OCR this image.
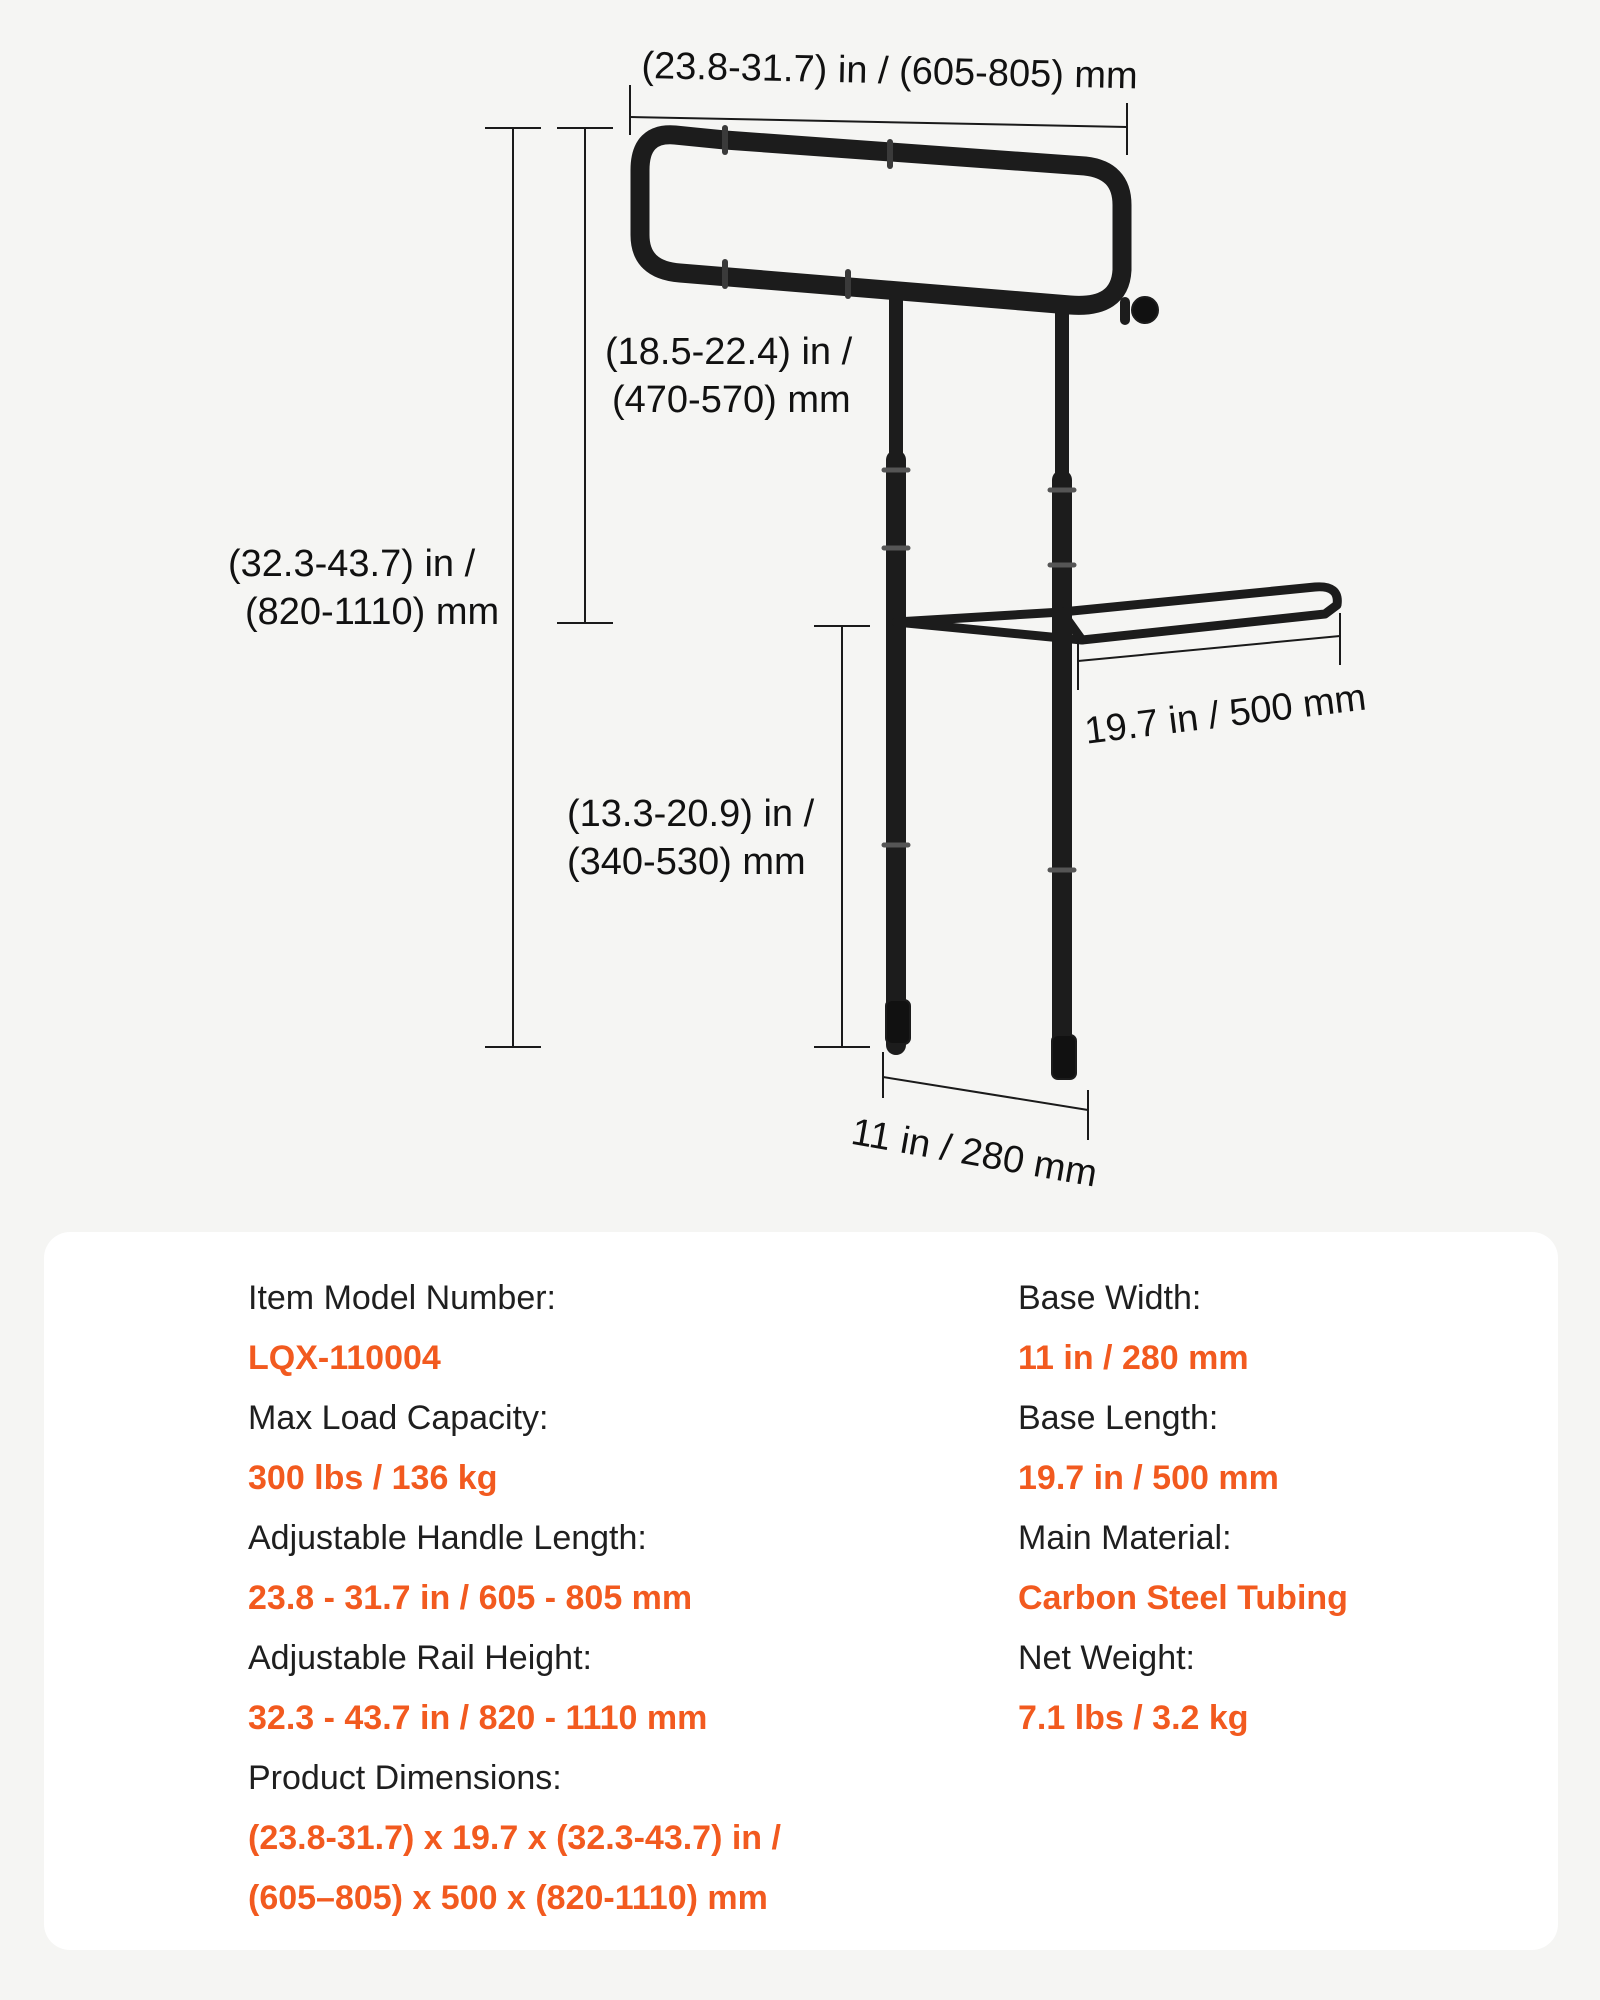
(23.8-31.7) in / (605-805) mm
(18.5-22.4) in /
(470-570) mm
(32.3-43.7) in /
(820-1110) mm
(13.3-20.9) in /
(340-530) mm
19.7 in / 500 mm
11 in / 280 mm
Item Model Number:
LQX-110004
Max Load Capacity:
300 lbs / 136 kg
Adjustable Handle Length:
23.8 - 31.7 in / 605 - 805 mm
Adjustable Rail Height:
32.3 - 43.7 in / 820 - 1110 mm
Product Dimensions:
(23.8-31.7) x 19.7 x (32.3-43.7) in /
(605–805) x 500 x (820-1110) mm
Base Width:
11 in / 280 mm
Base Length:
19.7 in / 500 mm
Main Material:
Carbon Steel Tubing
Net Weight:
7.1 lbs / 3.2 kg
